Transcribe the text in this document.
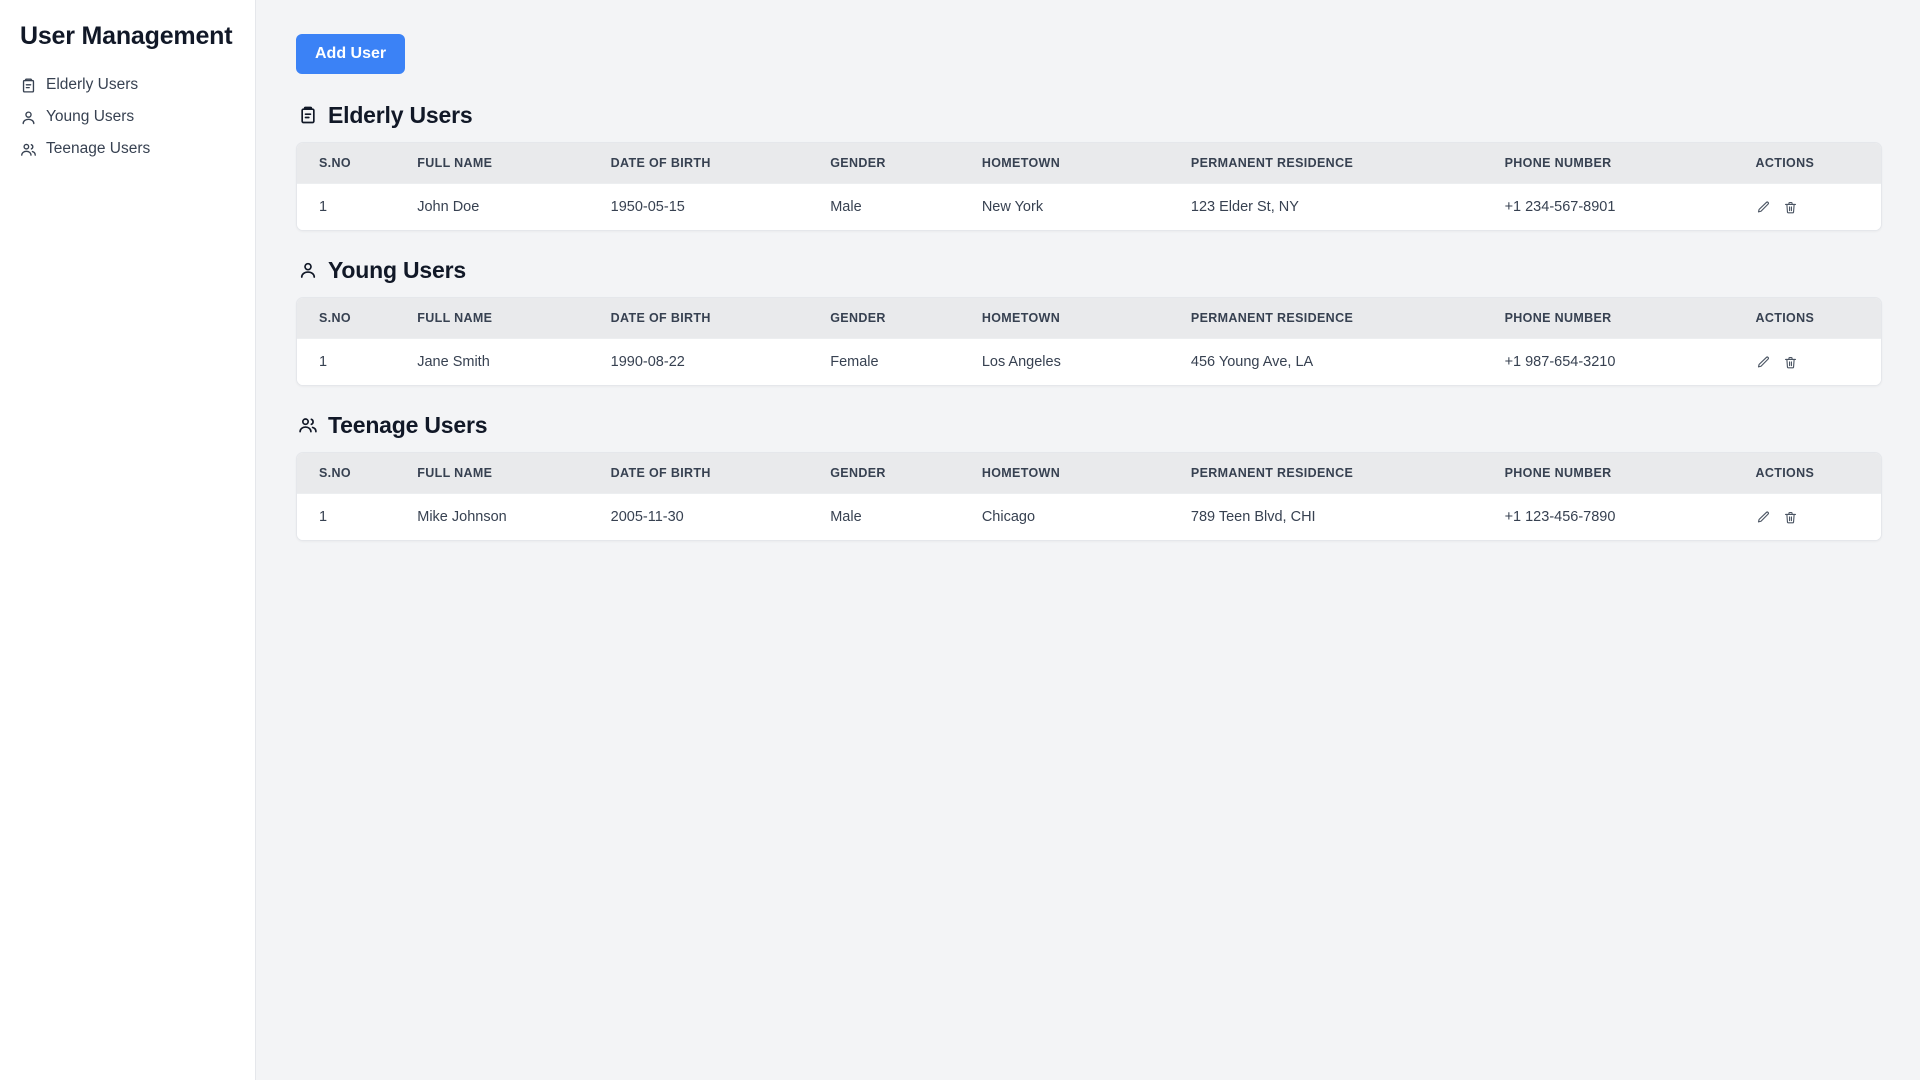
User Management
Elderly Users
Young Users
Teenage Users
Add User
Elderly Users
S.NO	FULL NAME	DATE OF BIRTH	GENDER	HOMETOWN	PERMANENT RESIDENCE	PHONE NUMBER	ACTIONS
1	John Doe	1950-05-15	Male	New York	123 Elder St, NY	+1 234-567-8901	
Young Users
S.NO	FULL NAME	DATE OF BIRTH	GENDER	HOMETOWN	PERMANENT RESIDENCE	PHONE NUMBER	ACTIONS
1	Jane Smith	1990-08-22	Female	Los Angeles	456 Young Ave, LA	+1 987-654-3210	
Teenage Users
S.NO	FULL NAME	DATE OF BIRTH	GENDER	HOMETOWN	PERMANENT RESIDENCE	PHONE NUMBER	ACTIONS
1	Mike Johnson	2005-11-30	Male	Chicago	789 Teen Blvd, CHI	+1 123-456-7890	
